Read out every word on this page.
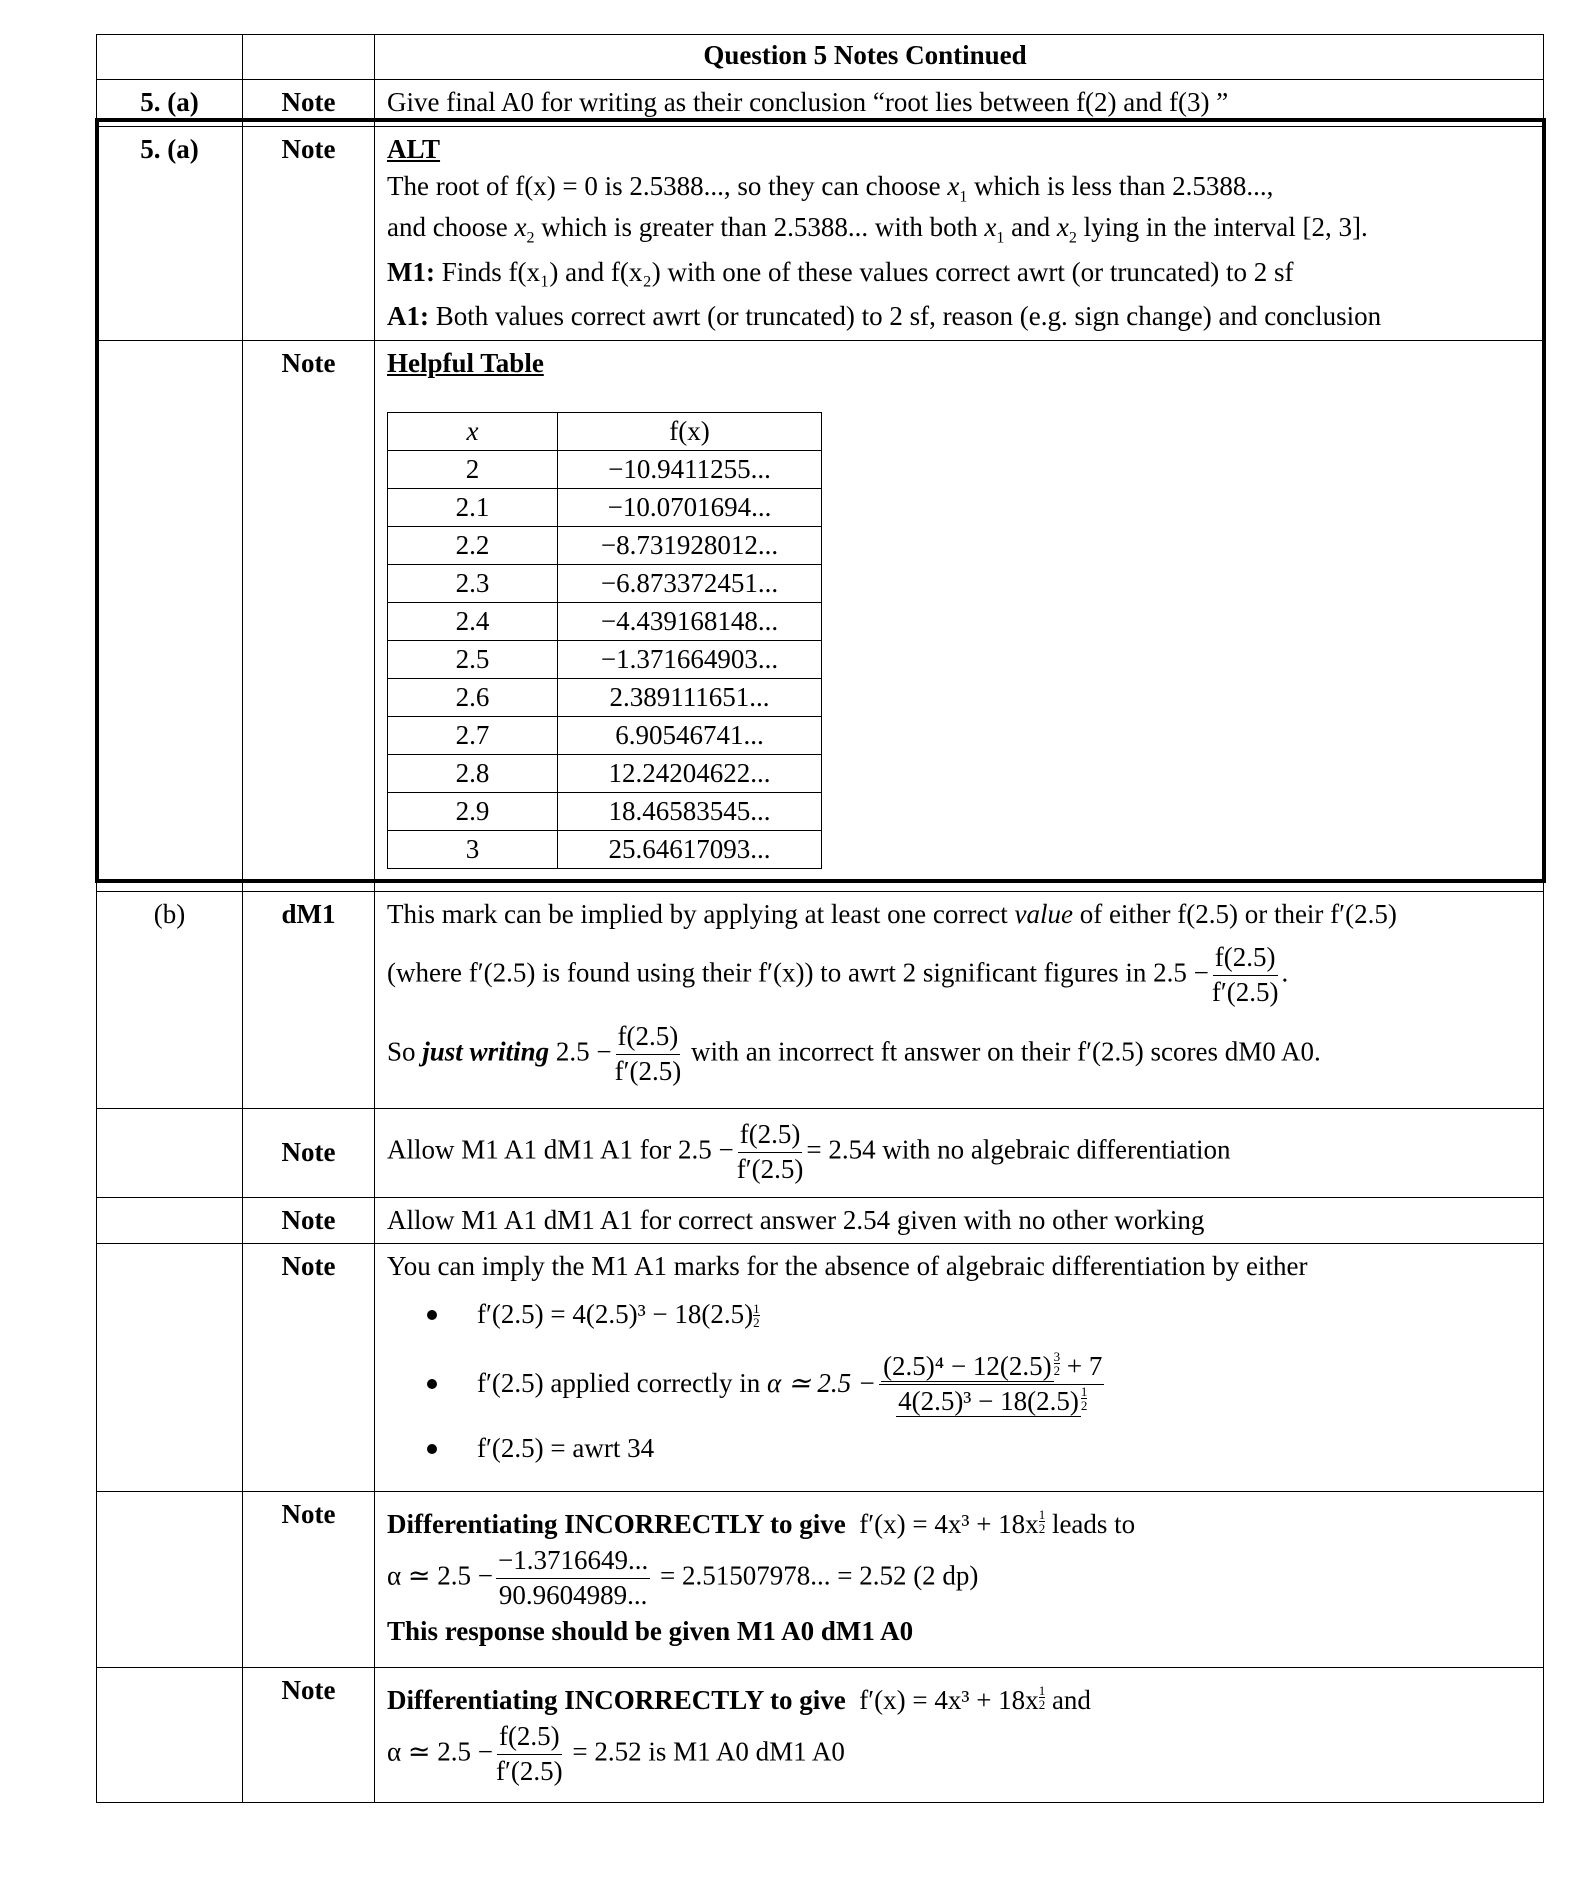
		Question 5 Notes Continued
5. (a)	Note	Give final A0 for writing as their conclusion “root lies between f(2) and f(3) ”
5. (a)	Note	ALT
The root of f(x) = 0 is 2.5388..., so they can choose $x_1$ which is less than 2.5388...,
and choose $x_2$ which is greater than 2.5388... with both $x_1$ and $x_2$ lying in the interval [2, 3].
M1: Finds f(x₁) and f(x₂) with one of these values correct awrt (or truncated) to 2 sf
A1: Both values correct awrt (or truncated) to 2 sf, reason (e.g. sign change) and conclusion

	Note	Helpful Table
x	f(x)
2	−10.9411255...
2.1	−10.0701694...
2.2	−8.731928012...
2.3	−6.873372451...
2.4	−4.439168148...
2.5	−1.371664903...
2.6	2.389111651...
2.7	6.90546741...
2.8	12.24204622...
2.9	18.46583545...
3	25.64617093...

(b)	dM1	This mark can be implied by applying at least one correct value of either f(2.5) or their f′(2.5)
(where f′(2.5) is found using their f′(x)) to awrt 2 significant figures in $2.5 - \frac{f(2.5)}{f'(2.5)}$ .
So just writing $2.5 - \frac{f(2.5)}{f'(2.5)}$ with an incorrect ft answer on their f′(2.5) scores dM0 A0.

	Note	Allow M1 A1 dM1 A1 for $2.5 - \frac{f(2.5)}{f'(2.5)} = 2.54$ with no algebraic differentiation
	Note	Allow M1 A1 dM1 A1 for correct answer 2.54 given with no other working
	Note	You can imply the M1 A1 marks for the absence of algebraic differentiation by either
f′(2.5) = 4(2.5)³ − 18(2.5) 1
2
f′(2.5) applied correctly in
α ≃ 2.5 − (2.5)⁴ − 12(2.5) $^{3 2}$ + 7
4(2.5)³ − 18(2.5) $^{1 2}$
f′(2.5) = awrt 34

	Note	Differentiating INCORRECTLY to give f′(x) = 4x³ + 18x $^{1 2}$ leads to
α ≃ $2.5 - \frac{-1.3716649...}{90.9604989...} = 2.51507978$... = 2.52 (2 dp)
This response should be given M1 A0 dM1 A0

	Note	Differentiating INCORRECTLY to give f′(x) = 4x³ + 18x $^{1 2}$ and
α ≃ $2.5 - \frac{f(2.5)}{f'(2.5)} = 2.52$ is M1 A0 dM1 A0
